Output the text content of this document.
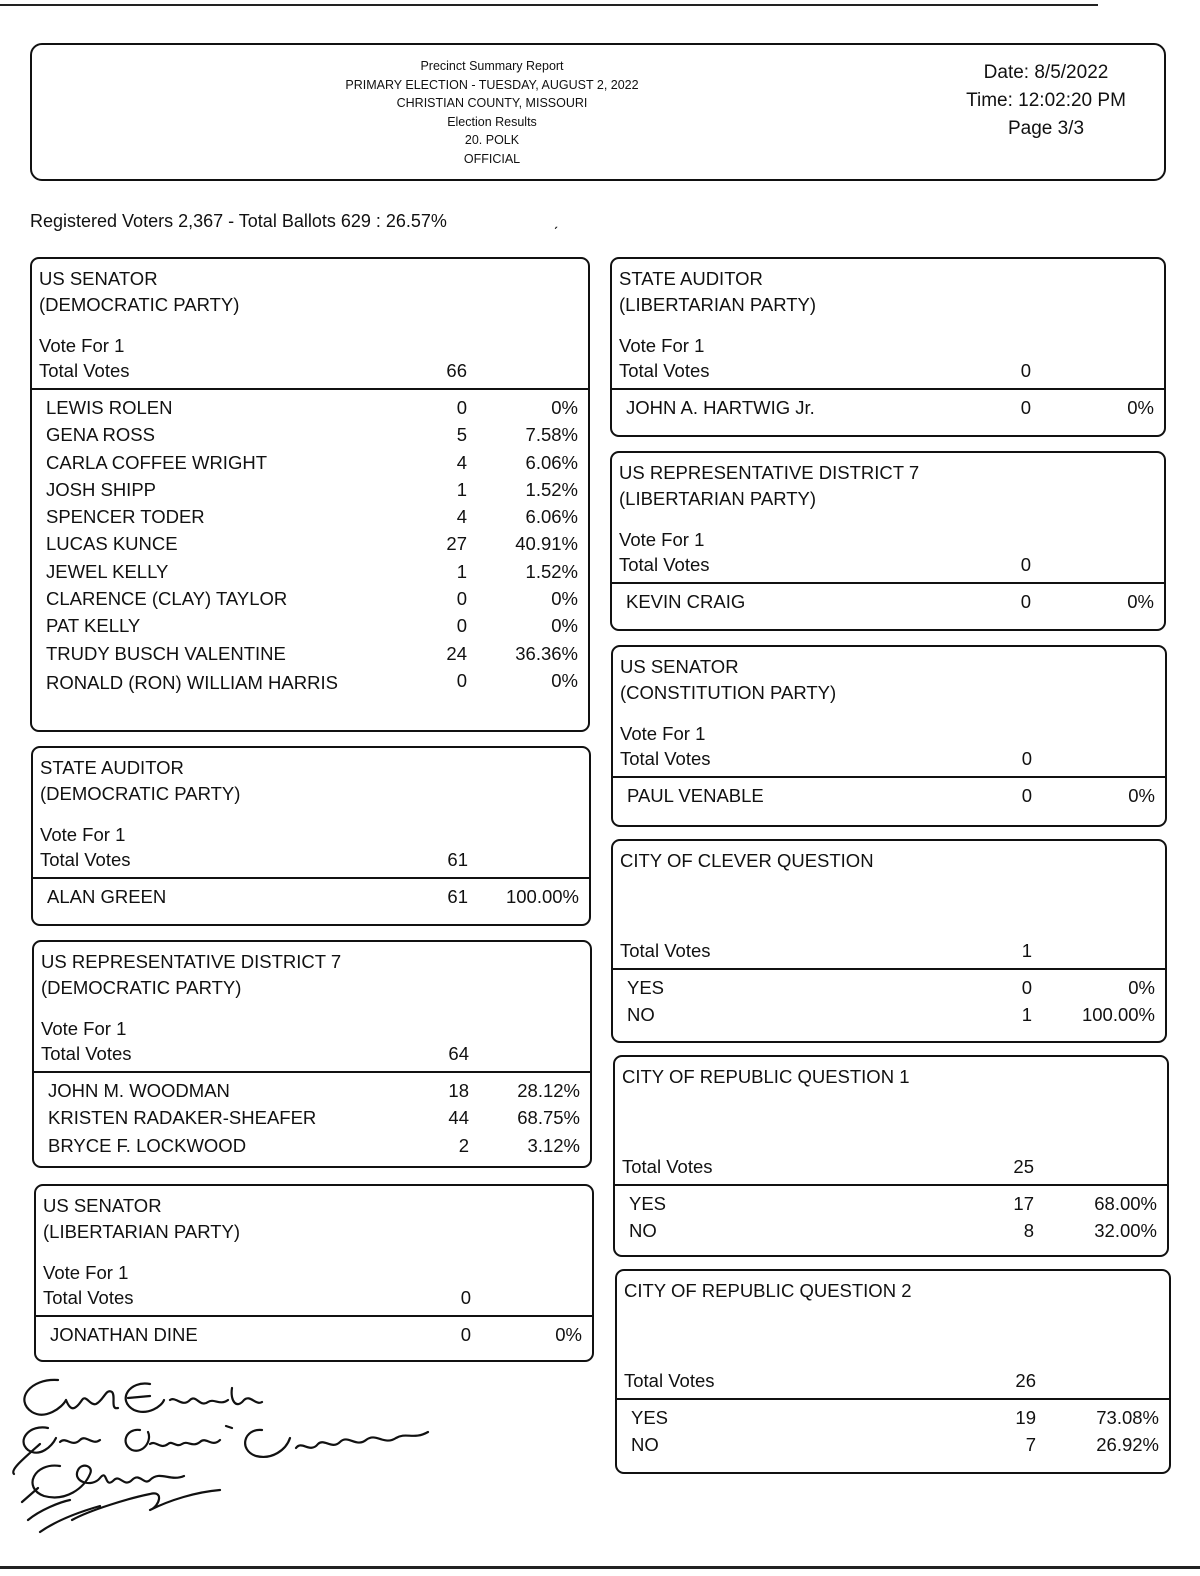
Precinct Summary Report
PRIMARY ELECTION - TUESDAY, AUGUST 2, 2022
CHRISTIAN COUNTY, MISSOURI
Election Results
20. POLK
OFFICIAL
Date: 8/5/2022
Time: 12:02:20 PM
Page 3/3
Registered Voters 2,367 - Total Ballots 629 : 26.57%	ˏ
US SENATOR
(DEMOCRATIC PARTY)
Vote For 1
Total Votes	66
LEWIS ROLEN	0	0%
GENA ROSS	5	7.58%
CARLA COFFEE WRIGHT	4	6.06%
JOSH SHIPP	1	1.52%
SPENCER TODER	4	6.06%
LUCAS KUNCE	27	40.91%
JEWEL KELLY	1	1.52%
CLARENCE (CLAY) TAYLOR	0	0%
PAT KELLY	0	0%
TRUDY BUSCH VALENTINE	24	36.36%
RONALD (RON) WILLIAM HARRIS	0	0%
STATE AUDITOR
(DEMOCRATIC PARTY)
Vote For 1
Total Votes	61
ALAN GREEN	61 100.00%
US REPRESENTATIVE DISTRICT 7
(DEMOCRATIC PARTY)
Vote For 1
Total Votes	64
JOHN M. WOODMAN	18	28.12%
KRISTEN RADAKER-SHEAFER	44	68.75%
BRYCE F. LOCKWOOD	2	3.12%
US SENATOR
(LIBERTARIAN PARTY)
Vote For 1
Total Votes	0
JONATHAN DINE	0	0%
STATE AUDITOR
(LIBERTARIAN PARTY)
Vote For 1
Total Votes	0
JOHN A. HARTWIG Jr.	0	0%
US REPRESENTATIVE DISTRICT 7
(LIBERTARIAN PARTY)
Vote For 1
Total Votes	0
KEVIN CRAIG	0	0%
US SENATOR
(CONSTITUTION PARTY)
Vote For 1
Total Votes	0
PAUL VENABLE	0	0%
CITY OF CLEVER QUESTION
Total Votes	1
YES	0	0%
NO	1	100.00%
CITY OF REPUBLIC QUESTION 1
Total Votes	25
YES	17	68.00%
NO	8	32.00%
CITY OF REPUBLIC QUESTION 2
Total Votes	26
YES	19	73.08%
NO	7	26.92%
